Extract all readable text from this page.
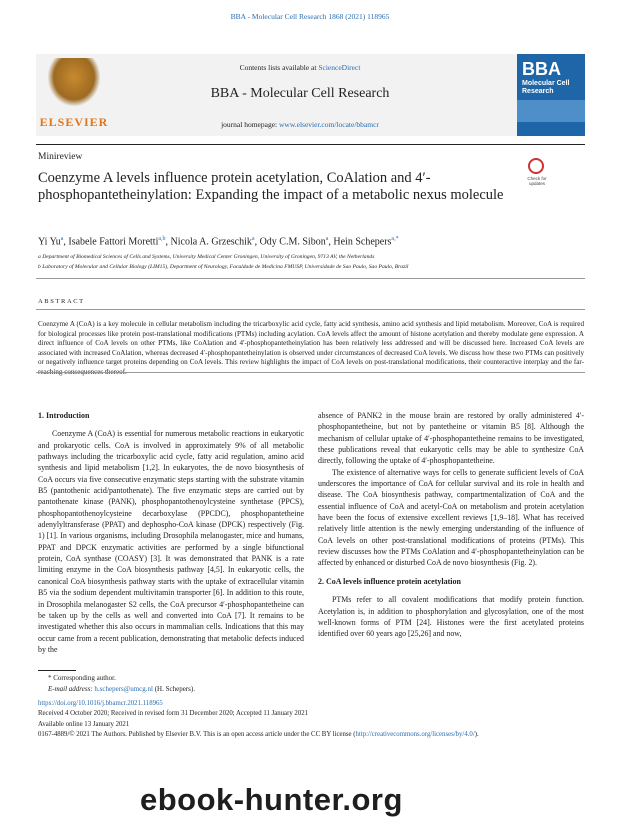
BBA - Molecular Cell Research 1868 (2021) 118965
ELSEVIER
Contents lists available at ScienceDirect
BBA - Molecular Cell Research
journal homepage: www.elsevier.com/locate/bbamcr
BBA
Molecular Cell Research
Minireview
Coenzyme A levels influence protein acetylation, CoAlation and 4′-phosphopantetheinylation: Expanding the impact of a metabolic nexus molecule
Check for updates
Yi Yu$^a$, Isabele Fattori Moretti$^{a,b}$, Nicola A. Grzeschik$^a$, Ody C.M. Sibon$^a$, Hein Schepers$^{a,*}$
a Department of Biomedical Sciences of Cells and Systems, University Medical Center Groningen, University of Groningen, 9713 AV, the Netherlands
b Laboratory of Molecular and Cellular Biology (LIM15), Department of Neurology, Faculdade de Medicina FMUSP, Universidade de Sao Paulo, Sao Paulo, Brazil
ABSTRACT
Coenzyme A (CoA) is a key molecule in cellular metabolism including the tricarboxylic acid cycle, fatty acid synthesis, amino acid synthesis and lipid metabolism. Moreover, CoA is required for biological processes like protein post-translational modifications (PTMs) including acylation. CoA levels affect the amount of histone acetylation and thereby modulate gene expression. A direct influence of CoA levels on other PTMs, like CoAlation and 4′-phosphopantetheinylation has been relatively less addressed and will be discussed here. Increased CoA levels are associated with increased CoAlation, whereas decreased 4′-phosphopantetheinylation is observed under circumstances of decreased CoA levels. We discuss how these two PTMs can positively or negatively influence target proteins depending on CoA levels. This review highlights the impact of CoA levels on post-translational modifications, their counteractive interplay and the far-reaching consequences thereof.

1. Introduction

Coenzyme A (CoA) is essential for numerous metabolic reactions in eukaryotic and prokaryotic cells. CoA is involved in approximately 9% of all metabolic pathways including the tricarboxylic acid cycle, fatty acid regulation, amino acid synthesis and lipid metabolism [1,2]. In eukaryotes, the de novo biosynthesis of CoA occurs via five consecutive enzymatic steps starting with the substrate vitamin B5 (pantothenic acid/pantothenate). The five enzymatic steps are carried out by pantothenate kinase (PANK), phosphopantothenoylcysteine synthetase (PPCS), phosphopantothenoylcysteine decarboxylase (PPCDC), phosphopantetheine adenylyltransferase (PPAT) and dephospho-CoA kinase (DPCK) respectively (Fig. 1) [1]. In various organisms, including Drosophila melanogaster, mice and humans, PPAT and DPCK enzymatic activities are performed by a single bifunctional protein, CoA synthase (COASY) [3]. It was demonstrated that PANK is a rate limiting enzyme in the CoA biosynthesis pathway [4,5]. In eukaryotic cells, the canonical CoA biosynthesis pathway starts with the uptake of extracellular vitamin B5 via the sodium dependent multivitamin transporter [6]. In addition to this route, in Drosophila melanogaster S2 cells, the CoA precursor 4′-phosphopantetheine can be taken up by the cells as well and converted into CoA [7]. It remains to be investigated whether this also occurs in mammalian cells. Indications that this may occur came from a recent publication, demonstrating that metabolic defects induced by the

absence of PANK2 in the mouse brain are restored by orally administered 4′-phosphopantetheine, but not by pantetheine or vitamin B5 [8]. Although the mechanism of cellular uptake of 4′-phosphopantetheine remains to be investigated, these publications reveal that eukaryotic cells may be able to synthesize CoA directly, following the uptake of 4′-phosphopantetheine.

The existence of alternative ways for cells to generate sufficient levels of CoA underscores the importance of CoA for cellular survival and its role in health and disease. The CoA biosynthesis pathway, compartmentalization of CoA and the essential influence of CoA and acetyl-CoA on metabolism and protein acetylation have been the focus of extensive excellent reviews [1,9–18]. What has received relatively little attention is the newly emerging understanding of the influence of CoA levels on other post-translational modifications of proteins (PTMs). This review discusses how the PTMs CoAlation and 4′-phosphopantetheinylation can be affected by enhanced or disturbed CoA de novo biosynthesis (Fig. 2).

2. CoA levels influence protein acetylation

PTMs refer to all covalent modifications that modify protein function. Acetylation is, in addition to phosphorylation and glycosylation, one of the most well-known forms of PTM [24]. Histones were the first acetylated proteins identified over 60 years ago [25,26] and now,

* Corresponding author.
E-mail address: h.schepers@umcg.nl (H. Schepers).
https://doi.org/10.1016/j.bbamcr.2021.118965
Received 4 October 2020; Received in revised form 31 December 2020; Accepted 11 January 2021
Available online 13 January 2021
0167-4889/© 2021 The Authors. Published by Elsevier B.V. This is an open access article under the CC BY license (http://creativecommons.org/licenses/by/4.0/).
ebook-hunter.org
